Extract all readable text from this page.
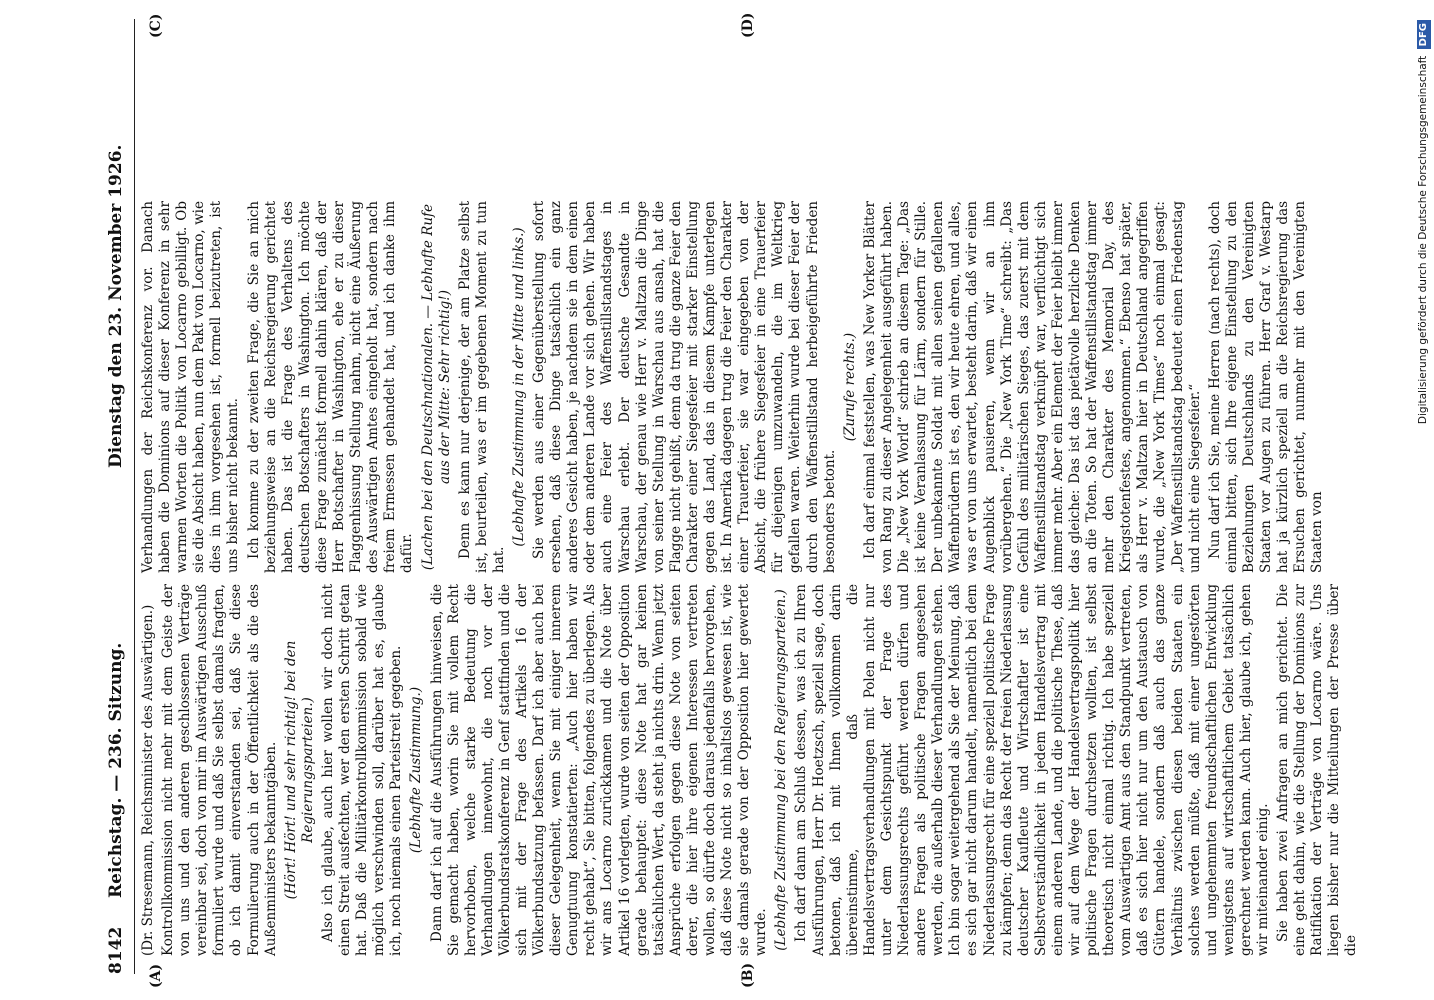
8142
Reichstag. — 236. Sitzung.
Dienstag den 23. November 1926.
(A)	(B)
(C)	(D)

(Dr. Stresemann, Reichsminister des Auswärtigen.) Kontrollkommission nicht mehr mit dem Geiste der von uns und den anderen geschlossenen Verträge vereinbar sei, doch von mir im Auswärtigen Ausschuß formuliert wurde und daß Sie selbst damals fragten, ob ich damit einverstanden sei, daß Sie diese Formulierung auch in der Öffentlichkeit als die des Außenministers bekanntgäben. (Hört! Hört! und sehr richtig! bei den Regierungsparteien.) Also ich glaube, auch hier wollen wir doch nicht einen Streit ausfechten, wer den ersten Schritt getan hat. Daß die Militärkontrollkommission sobald wie möglich verschwinden soll, darüber hat es, glaube ich, noch niemals einen Parteistreit gegeben. (Lebhafte Zustimmung.) Dann darf ich auf die Ausführungen hinweisen, die Sie gemacht haben, worin Sie mit vollem Recht hervorhoben, welche starke Bedeutung die Verhandlungen innewohnt, die noch vor der Völkerbundsratskonferenz in Genf stattfinden und die sich mit der Frage des Artikels 16 der Völkerbundsatzung befassen. Darf ich aber auch bei dieser Gelegenheit, wenn Sie mit einiger innerem Genugtuung konstatierten: „Auch hier haben wir recht gehabt“, Sie bitten, folgendes zu überlegen. Als wir ans Locarno zurückkamen und die Note über Artikel 16 vorlegten, wurde von seiten der Opposition gerade behauptet: diese Note hat gar keinen tatsächlichen Wert, da steht ja nichts drin. Wenn jetzt Ansprüche erfolgen gegen diese Note von seiten derer, die hier ihre eigenen Interessen vertreten wollen, so dürfte doch daraus jedenfalls hervorgehen, daß diese Note nicht so inhaltslos gewesen ist, wie sie damals gerade von der Opposition hier gewertet wurde. (Lebhafte Zustimmung bei den Regierungsparteien.) Ich darf dann am Schluß dessen, was ich zu Ihren Ausführungen, Herr Dr. Hoetzsch, speziell sage, doch betonen, daß ich mit Ihnen vollkommen darin übereinstimme, daß die Handelsvertragsverhandlungen mit Polen nicht nur unter dem Gesichtspunkt der Frage des Niederlassungsrechts geführt werden dürfen und andere Fragen als politische Fragen angesehen werden, die außerhalb dieser Verhandlungen stehen. Ich bin sogar weitergehend als Sie der Meinung, daß es sich gar nicht darum handelt, namentlich bei dem Niederlassungsrecht für eine speziell politische Frage zu kämpfen; denn das Recht der freien Niederlassung deutscher Kaufleute und Wirtschaftler ist eine Selbstverständlichkeit in jedem Handelsvertrag mit einem anderen Lande, und die politische These, daß wir auf dem Wege der Handelsvertragspolitik hier politische Fragen durchsetzen wollten, ist selbst theoretisch nicht einmal richtig. Ich habe speziell vom Auswärtigen Amt aus den Standpunkt vertreten, daß es sich hier nicht nur um den Austausch von Gütern handele, sondern daß auch das ganze Verhältnis zwischen diesen beiden Staaten ein solches werden müßte, daß mit einer ungestörten und ungehemmten freundschaftlichen Entwicklung wenigstens auf wirtschaftlichem Gebiet tatsächlich gerechnet werden kann. Auch hier, glaube ich, gehen wir miteinander einig. Sie haben zwei Anfragen an mich gerichtet. Die eine geht dahin, wie die Stellung der Dominions zur Ratifikation der Verträge von Locarno wäre. Uns liegen bisher nur die Mitteilungen der Presse über die

Verhandlungen der Reichskonferenz vor. Danach haben die Dominions auf dieser Konferenz in sehr warmen Worten die Politik von Locarno gebilligt. Ob sie die Absicht haben, nun dem Pakt von Locarno, wie dies in ihm vorgesehen ist, formell beizutreten, ist uns bisher nicht bekannt. Ich komme zu der zweiten Frage, die Sie an mich beziehungsweise an die Reichsregierung gerichtet haben. Das ist die Frage des Verhaltens des deutschen Botschafters in Washington. Ich möchte diese Frage zunächst formell dahin klären, daß der Herr Botschafter in Washington, ehe er zu dieser Flaggenhissung Stellung nahm, nicht eine Äußerung des Auswärtigen Amtes eingeholt hat, sondern nach freiem Ermessen gehandelt hat, und ich danke ihm dafür. (Lachen bei den Deutschnationalen. — Lebhafte Rufe aus der Mitte: Sehr richtig!) Denn es kann nur derjenige, der am Platze selbst ist, beurteilen, was er im gegebenen Moment zu tun hat.

(Lebhafte Zustimmung in der Mitte und links.) Sie werden aus einer Gegenüberstellung sofort ersehen, daß diese Dinge tatsächlich ein ganz anderes Gesicht haben, je nachdem sie in dem einen oder dem anderen Lande vor sich gehen. Wir haben auch eine Feier des Waffenstillstandstages in Warschau erlebt. Der deutsche Gesandte in Warschau, der genau wie Herr v. Maltzan die Dinge von seiner Stellung in Warschau aus ansah, hat die Flagge nicht gehißt, denn da trug die ganze Feier den Charakter einer Siegesfeier mit starker Einstellung gegen das Land, das in diesem Kampfe unterlegen ist. In Amerika dagegen trug die Feier den Charakter einer Trauerfeier, sie war eingegeben von der Absicht, die frühere Siegesfeier in eine Trauerfeier für diejenigen umzuwandeln, die im Weltkrieg gefallen waren. Weiterhin wurde bei dieser Feier der durch den Waffenstillstand herbeigeführte Frieden besonders betont.

(Zurufe rechts.) Ich darf einmal feststellen, was New Yorker Blätter von Rang zu dieser Angelegenheit ausgeführt haben. Die „New York World“ schrieb an diesem Tage: „Das ist keine Veranlassung für Lärm, sondern für Stille. Der unbekannte Soldat mit allen seinen gefallenen Waffenbrüdern ist es, den wir heute ehren, und alles, was er von uns erwartet, besteht darin, daß wir einen Augenblick pausieren, wenn wir an ihm vorübergehen.“ Die „New York Time“ schreibt: „Das Gefühl des militärischen Sieges, das zuerst mit dem Waffenstillstandstag verknüpft war, verflüchtigt sich immer mehr. Aber ein Element der Feier bleibt immer das gleiche: Das ist das pietätvolle herzliche Denken an die Toten. So hat der Waffenstillstandstag immer mehr den Charakter des Memorial Day, des Kriegstotenfestes, angenommen.“ Ebenso hat später, als Herr v. Maltzan hier in Deutschland angegriffen wurde, die „New York Times“ noch einmal gesagt: „Der Waffenstillstandstag bedeutet einen Friedenstag und nicht eine Siegesfeier.“ Nun darf ich Sie, meine Herren (nach rechts), doch einmal bitten, sich Ihre eigene Einstellung zu den Beziehungen Deutschlands zu den Vereinigten Staaten vor Augen zu führen. Herr Graf v. Westarp hat ja kürzlich speziell an die Reichsregierung das Ersuchen gerichtet, nunmehr mit den Vereinigten Staaten von

Digitalisierung gefördert durch die Deutsche Forschungsgemeinschaft DFG
